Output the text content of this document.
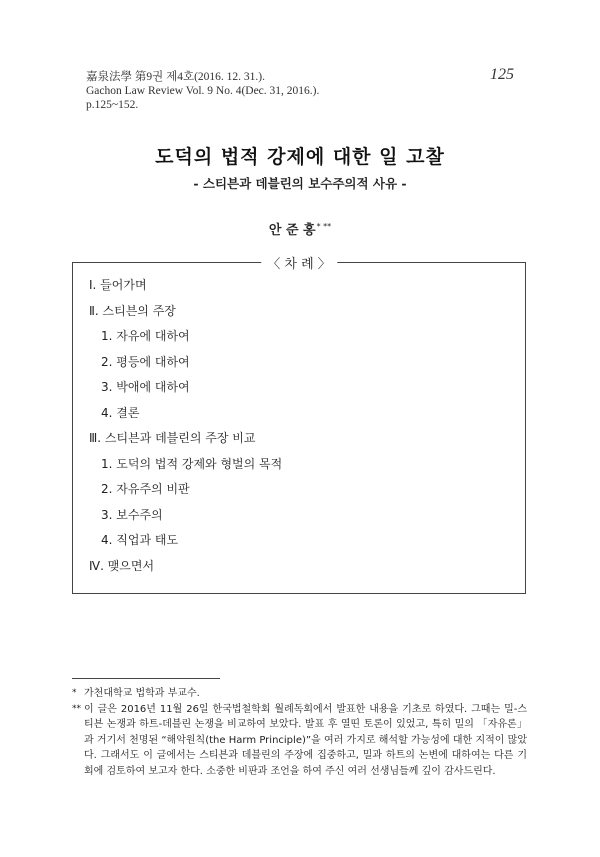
嘉泉法學 第9권 제4호(2016. 12. 31.).
Gachon Law Review Vol. 9 No. 4(Dec. 31, 2016.).
p.125~152.
125
도덕의 법적 강제에 대한 일 고찰
- 스티븐과 데블린의 보수주의적 사유 -
안 준 홍* **
〈 차 례 〉
Ⅰ. 들어가며
Ⅱ. 스티븐의 주장
1. 자유에 대하여
2. 평등에 대하여
3. 박애에 대하여
4. 결론
Ⅲ. 스티븐과 데블린의 주장 비교
1. 도덕의 법적 강제와 형벌의 목적
2. 자유주의 비판
3. 보수주의
4. 직업과 태도
Ⅳ. 맺으면서
* 가천대학교 법학과 부교수.
** 이 글은 2016년 11월 26일 한국법철학회 월례독회에서 발표한 내용을 기초로 하였다. 그때는 밀-스티븐 논쟁과 하트-데블린 논쟁을 비교하여 보았다. 발표 후 열띤 토론이 있었고, 특히 밀의 「자유론」과 거기서 천명된 “해악원칙(the Harm Principle)”을 여러 가지로 해석할 가능성에 대한 지적이 많았다. 그래서도 이 글에서는 스티븐과 데블린의 주장에 집중하고, 밀과 하트의 논변에 대하여는 다른 기회에 검토하여 보고자 한다. 소중한 비판과 조언을 하여 주신 여러 선생님들께 깊이 감사드린다.
